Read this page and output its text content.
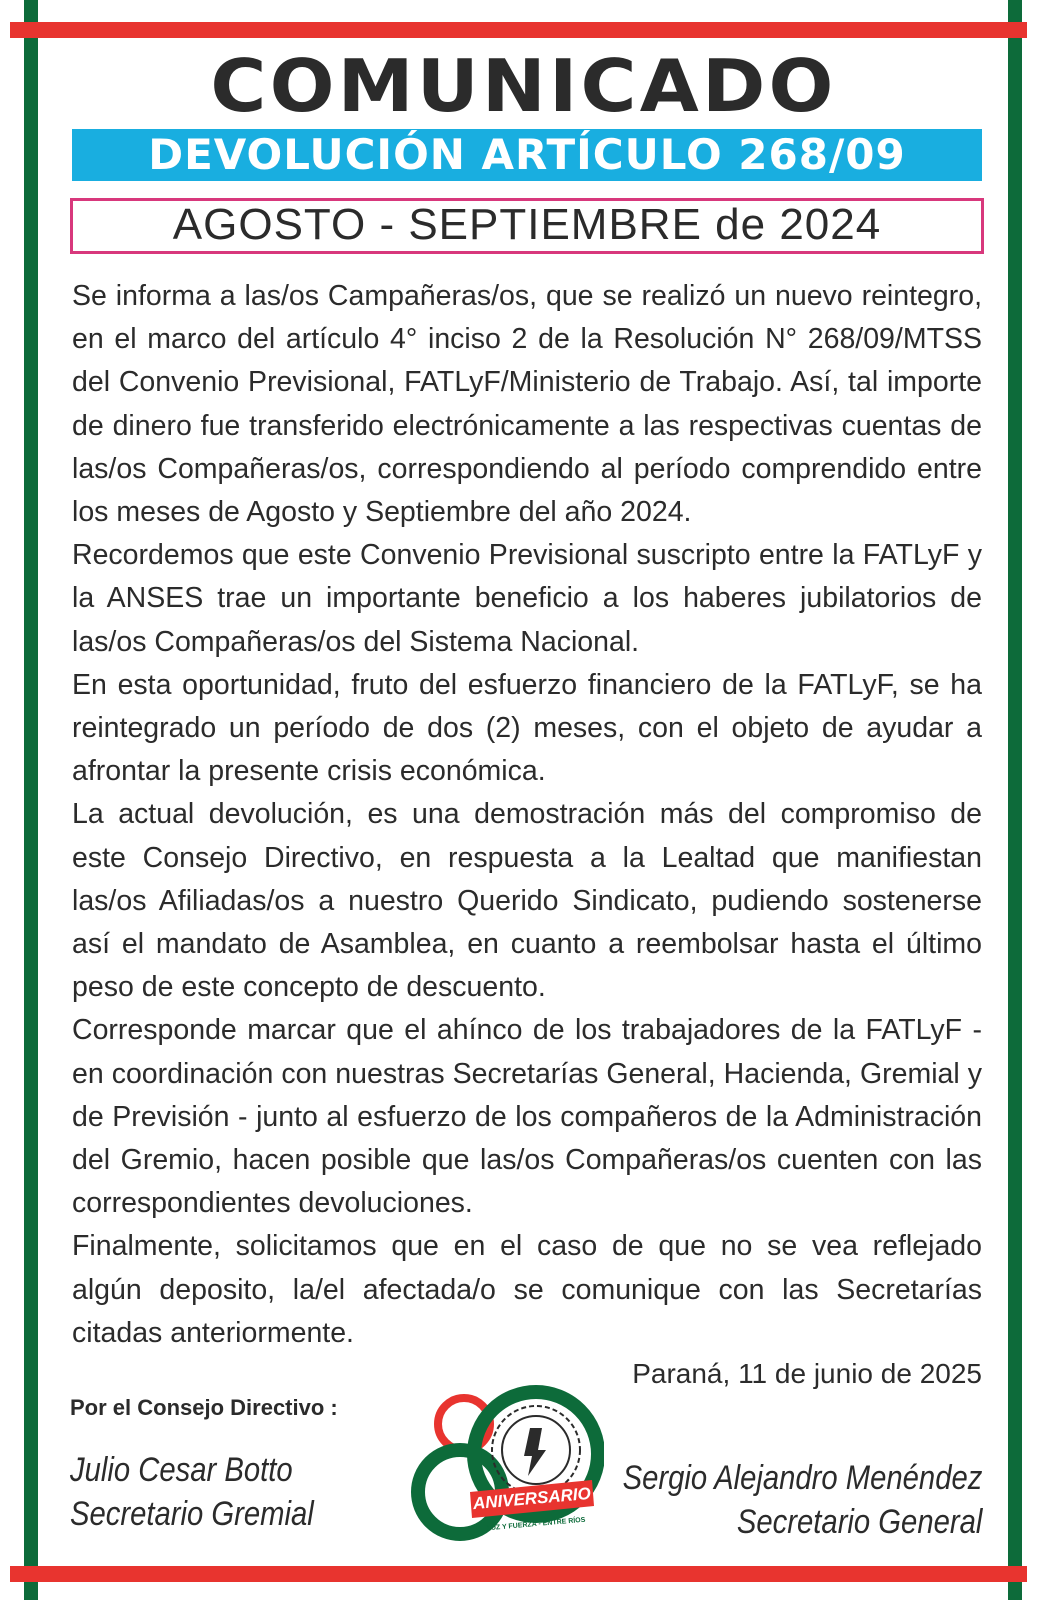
COMUNICADO
DEVOLUCIÓN ARTÍCULO 268/09
AGOSTO - SEPTIEMBRE de 2024

Se informa a las/os Campañeras/os, que se realizó un nuevo reintegro, en el marco del artículo 4° inciso 2 de la Resolución N° 268/09/MTSS del Convenio Previsional, FATLyF/Ministerio de Trabajo. Así, tal importe de dinero fue transferido electrónicamente a las respectivas cuentas de las/os Compañeras/os, correspondiendo al período comprendido entre los meses de Agosto y Septiembre del año 2024.

Recordemos que este Convenio Previsional suscripto entre la FATLyF y la ANSES trae un importante beneficio a los haberes jubilatorios de las/os Compañeras/os del Sistema Nacional.

En esta oportunidad, fruto del esfuerzo financiero de la FATLyF, se ha reintegrado un período de dos (2) meses, con el objeto de ayudar a afrontar la presente crisis económica.

La actual devolución, es una demostración más del compromiso de este Consejo Directivo, en respuesta a la Lealtad que manifiestan las/os Afiliadas/os a nuestro Querido Sindicato, pudiendo sostenerse así el mandato de Asamblea, en cuanto a reembolsar hasta el último peso de este concepto de descuento.

Corresponde marcar que el ahínco de los trabajadores de la FATLyF - en coordinación con nuestras Secretarías General, Hacienda, Gremial y de Previsión - junto al esfuerzo de los compañeros de la Administración del Gremio, hacen posible que las/os Compañeras/os cuenten con las correspondientes devoluciones.

Finalmente, solicitamos que en el caso de que no se vea reflejado algún deposito, la/el afectada/o se comunique con las Secretarías citadas anteriormente.

Paraná, 11 de junio de 2025
Por el Consejo Directivo :
Julio Cesar Botto
Secretario Gremial
Sergio Alejandro Menéndez
Secretario General
ANIVERSARIO
LUZ Y FUERZA - ENTRE RÍOS
